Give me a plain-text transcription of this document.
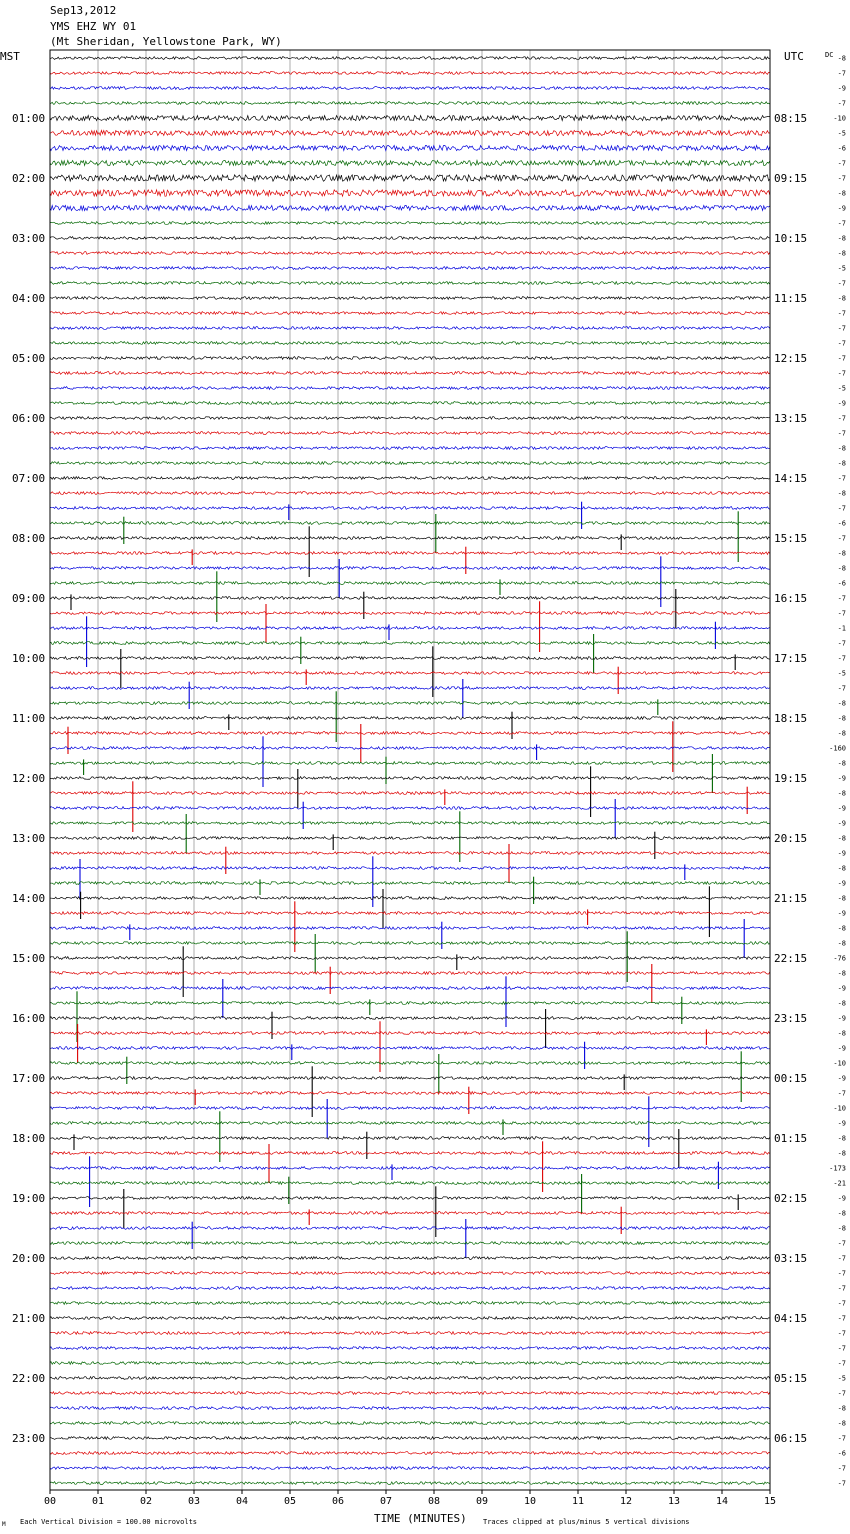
Sep13,2012
YMS EHZ WY 01
(Mt Sheridan, Yellowstone Park, WY)
MST	UTC	DC
00	01	02	03	04	05	06	07	08	09	10	11	12	13	14	15
01:00	08:15
02:00	09:15
03:00	10:15
04:00	11:15
05:00	12:15
06:00	13:15
07:00	14:15
08:00	15:15
09:00	16:15
10:00	17:15
11:00	18:15
12:00	19:15
13:00	20:15
14:00	21:15
15:00	22:15
16:00	23:15
17:00	00:15
18:00	01:15
19:00	02:15
20:00	03:15
21:00	04:15
22:00	05:15
23:00	06:15
-8
-7
-9
-7
-10
-5
-6
-7
-7
-8
-9
-7
-8
-8
-5
-7
-8
-7
-7
-7
-7
-7
-5
-9
-7
-7
-8
-8
-7
-8
-7
-6
-7
-8
-8
-6
-7
-7
-1
-7
-7
-5
-7
-8
-8
-8
-160
-8
-9
-8
-9
-9
-8
-9
-8
-9
-8
-9
-8
-8
-76
-8
-9
-8
-9
-8
-9
-10
-9
-7
-10
-9
-8
-8
-173
-21
-9
-8
-8
-7
-7
-7
-7
-7
-7
-7
-7
-7
-5
-7
-8
-8
-7
-6
-7
-7
TIME (MINUTES)
Each Vertical Division = 100.00 microvolts	Traces clipped at plus/minus 5 vertical divisions
M
